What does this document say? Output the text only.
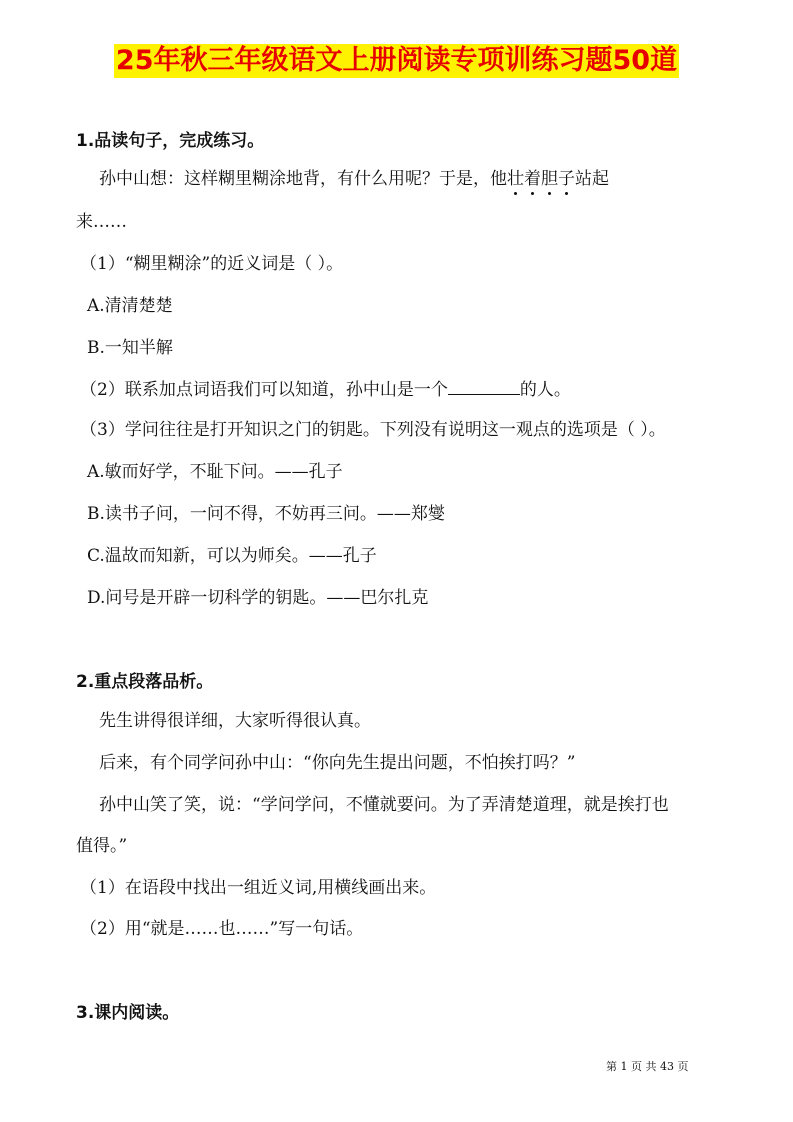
25年秋三年级语文上册阅读专项训练习题50道
1.品读句子，完成练习。
孙中山想：这样糊里糊涂地背，有什么用呢？于是，他壮着胆子站起
来……
（1）“糊里糊涂”的近义词是（ ）。
A.清清楚楚
B.一知半解
（2）联系加点词语我们可以知道，孙中山是一个	的人。
（3）学问往往是打开知识之门的钥匙。下列没有说明这一观点的选项是（ ）。
A.敏而好学，不耻下问。——孔子
B.读书子问，一问不得，不妨再三问。——郑燮
C.温故而知新，可以为师矣。——孔子
D.问号是开辟一切科学的钥匙。——巴尔扎克
2.重点段落品析。
先生讲得很详细，大家听得很认真。
后来，有个同学问孙中山：“你向先生提出问题，不怕挨打吗？”
孙中山笑了笑，说：“学问学问，不懂就要问。为了弄清楚道理，就是挨打也
值得。”
（1）在语段中找出一组近义词,用横线画出来。
（2）用“就是……也……”写一句话。
3.课内阅读。
第 1 页 共 43 页
